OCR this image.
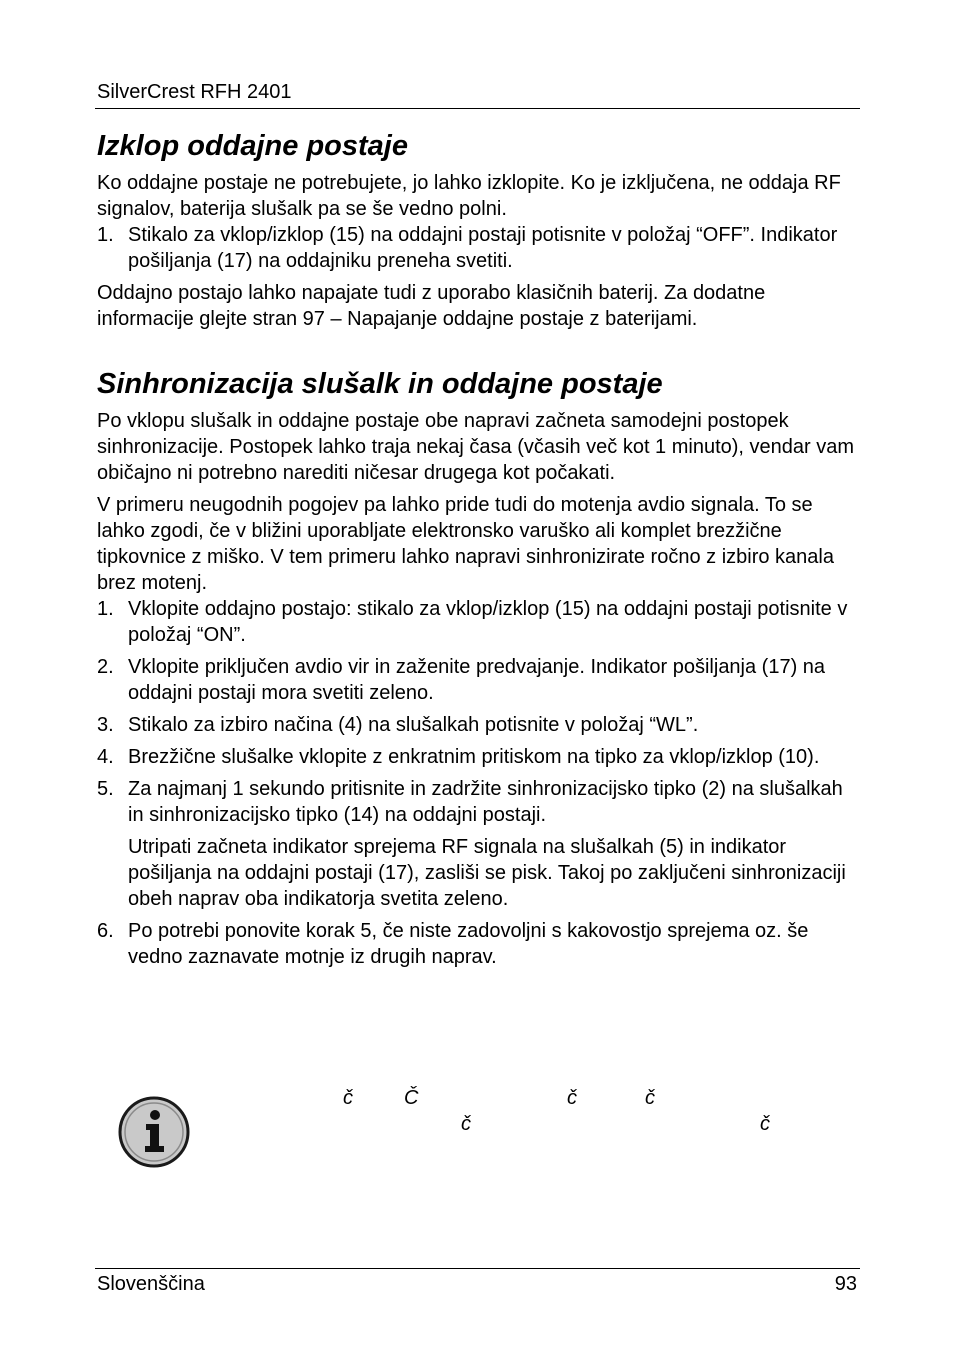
SilverCrest RFH 2401
Izklop oddajne postaje

Ko oddajne postaje ne potrebujete, jo lahko izklopite. Ko je izključena, ne oddaja RF signalov, baterija slušalk pa se še vedno polni.

1. Stikalo za vklop/izklop (15) na oddajni postaji potisnite v položaj “OFF”. Indikator pošiljanja (17) na oddajniku preneha svetiti.

Oddajno postajo lahko napajate tudi z uporabo klasičnih baterij. Za dodatne informacije glejte stran 97 – Napajanje oddajne postaje z baterijami.

Sinhronizacija slušalk in oddajne postaje

Po vklopu slušalk in oddajne postaje obe napravi začneta samodejni postopek sinhronizacije. Postopek lahko traja nekaj časa (včasih več kot 1 minuto), vendar vam običajno ni potrebno narediti ničesar drugega kot počakati.

V primeru neugodnih pogojev pa lahko pride tudi do motenja avdio signala. To se lahko zgodi, če v bližini uporabljate elektronsko varuško ali komplet brezžične tipkovnice z miško. V tem primeru lahko napravi sinhronizirate ročno z izbiro kanala brez motenj.

1. Vklopite oddajno postajo: stikalo za vklop/izklop (15) na oddajni postaji potisnite v položaj “ON”.
2. Vklopite priključen avdio vir in zaženite predvajanje. Indikator pošiljanja (17) na oddajni postaji mora svetiti zeleno.
3. Stikalo za izbiro načina (4) na slušalkah potisnite v položaj “WL”.
4. Brezžične slušalke vklopite z enkratnim pritiskom na tipko za vklop/izklop (10).
5. Za najmanj 1 sekundo pritisnite in zadržite sinhronizacijsko tipko (2) na slušalkah in sinhronizacijsko tipko (14) na oddajni postaji.

Utripati začneta indikator sprejema RF signala na slušalkah (5) in indikator pošiljanja na oddajni postaji (17), zasliši se pisk. Takoj po zaključeni sinhronizaciji obeh naprav oba indikatorja svetita zeleno.

6. Po potrebi ponovite korak 5, če niste zadovoljni s kakovostjo sprejema oz. še vedno zaznavate motnje iz drugih naprav.
č	Č	č	č
č	č
Slovenščina	93
